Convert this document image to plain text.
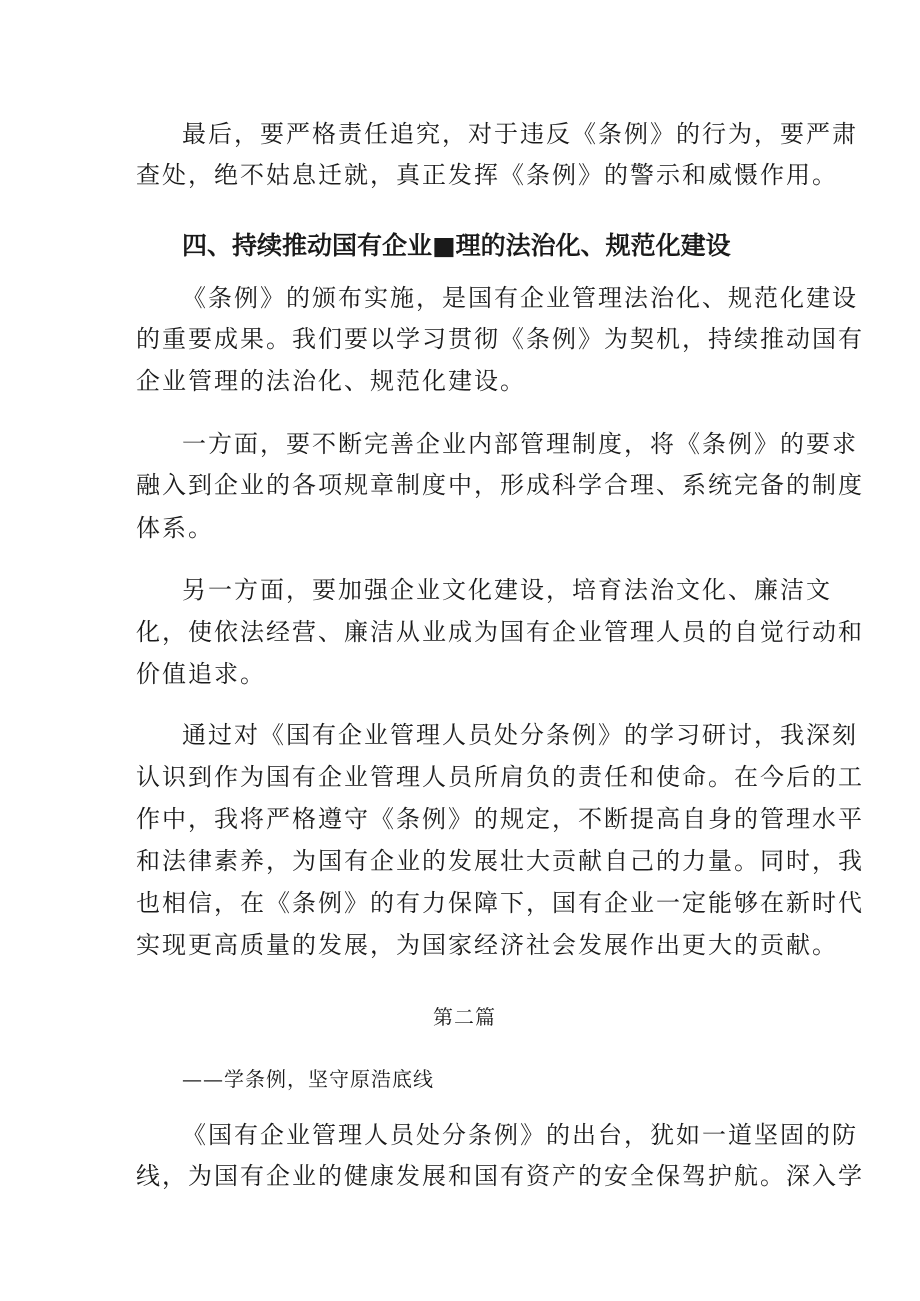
最后，要严格责任追究，对于违反《条例》的行为，要严肃
查处，绝不姑息迁就，真正发挥《条例》的警示和威慑作用。
四、持续推动国有企业■理的法治化、规范化建设
《条例》的颁布实施，是国有企业管理法治化、规范化建设
的重要成果。我们要以学习贯彻《条例》为契机，持续推动国有
企业管理的法治化、规范化建设。
一方面，要不断完善企业内部管理制度，将《条例》的要求
融入到企业的各项规章制度中，形成科学合理、系统完备的制度
体系。
另一方面，要加强企业文化建设，培育法治文化、廉洁文
化，使依法经营、廉洁从业成为国有企业管理人员的自觉行动和
价值追求。
通过对《国有企业管理人员处分条例》的学习研讨，我深刻
认识到作为国有企业管理人员所肩负的责任和使命。在今后的工
作中，我将严格遵守《条例》的规定，不断提高自身的管理水平
和法律素养，为国有企业的发展壮大贡献自己的力量。同时，我
也相信，在《条例》的有力保障下，国有企业一定能够在新时代
实现更高质量的发展，为国家经济社会发展作出更大的贡献。
第二篇
——学条例，坚守原浩底线
《国有企业管理人员处分条例》的出台，犹如一道坚固的防
线，为国有企业的健康发展和国有资产的安全保驾护航。深入学
